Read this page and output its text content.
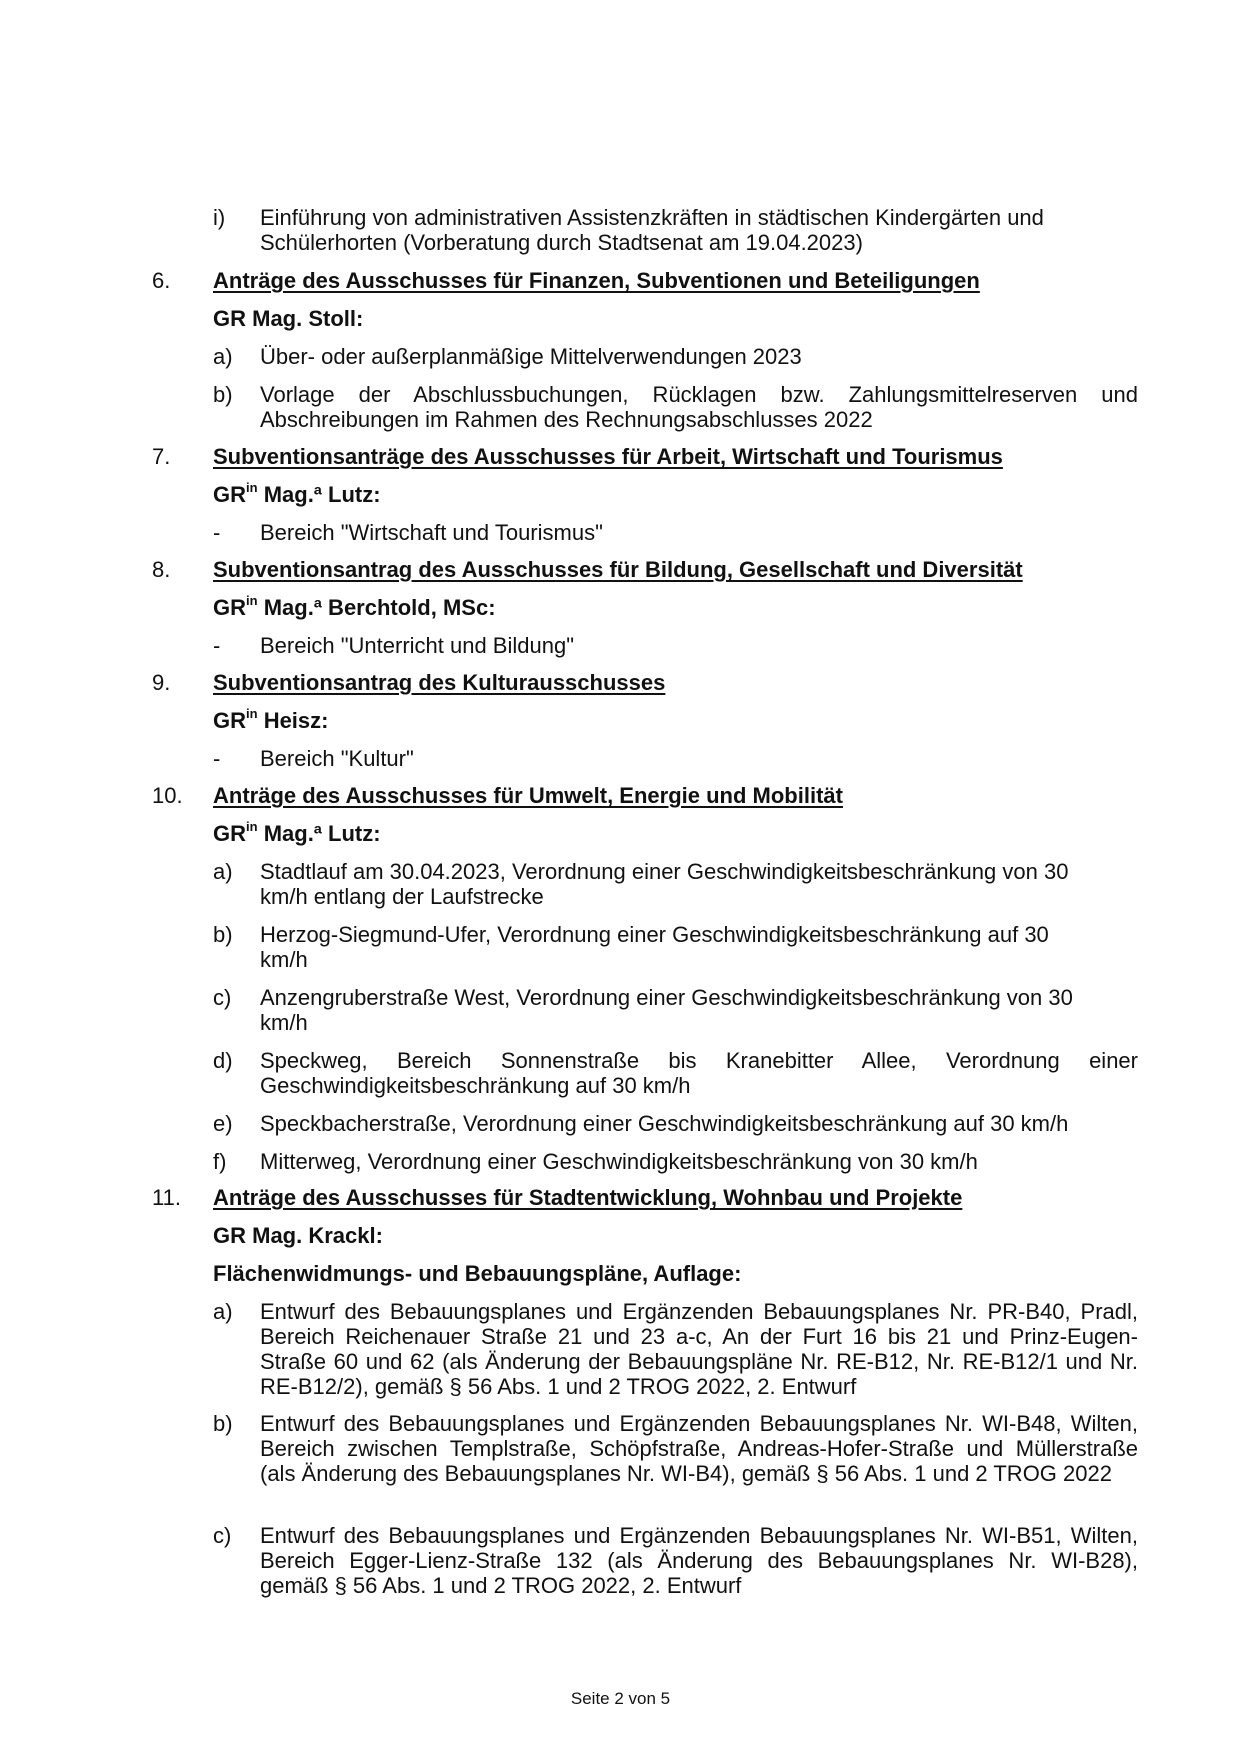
i) Einführung von administrativen Assistenzkräften in städtischen Kindergärten und Schülerhorten (Vorberatung durch Stadtsenat am 19.04.2023)
6. Anträge des Ausschusses für Finanzen, Subventionen und Beteiligungen
GR Mag. Stoll:
a) Über- oder außerplanmäßige Mittelverwendungen 2023
b) Vorlage der Abschlussbuchungen, Rücklagen bzw. Zahlungsmittelreserven und Abschreibungen im Rahmen des Rechnungsabschlusses 2022
7. Subventionsanträge des Ausschusses für Arbeit, Wirtschaft und Tourismus
$GR^{in}$ Mag.ª Lutz:
- Bereich "Wirtschaft und Tourismus"
8. Subventionsantrag des Ausschusses für Bildung, Gesellschaft und Diversität
$GR^{in}$ Mag.ª Berchtold, MSc:
- Bereich "Unterricht und Bildung"
9. Subventionsantrag des Kulturausschusses
$GR^{in}$ Heisz:
- Bereich "Kultur"
10. Anträge des Ausschusses für Umwelt, Energie und Mobilität
$GR^{in}$ Mag.ª Lutz:
a) Stadtlauf am 30.04.2023, Verordnung einer Geschwindigkeitsbeschränkung von 30 km/h entlang der Laufstrecke
b) Herzog-Siegmund-Ufer, Verordnung einer Geschwindigkeitsbeschränkung auf 30 km/h
c) Anzengruberstraße West, Verordnung einer Geschwindigkeitsbeschränkung von 30 km/h
d) Speckweg, Bereich Sonnenstraße bis Kranebitter Allee, Verordnung einer Geschwindigkeitsbeschränkung auf 30 km/h
e) Speckbacherstraße, Verordnung einer Geschwindigkeitsbeschränkung auf 30 km/h
f) Mitterweg, Verordnung einer Geschwindigkeitsbeschränkung von 30 km/h
11. Anträge des Ausschusses für Stadtentwicklung, Wohnbau und Projekte
GR Mag. Krackl:
Flächenwidmungs- und Bebauungspläne, Auflage:
a) Entwurf des Bebauungsplanes und Ergänzenden Bebauungsplanes Nr. PR-B40, Pradl, Bereich Reichenauer Straße 21 und 23 a-c, An der Furt 16 bis 21 und Prinz-Eugen-Straße 60 und 62 (als Änderung der Bebauungspläne Nr. RE-B12, Nr. RE-B12/1 und Nr. RE-B12/2), gemäß § 56 Abs. 1 und 2 TROG 2022, 2. Entwurf
b) Entwurf des Bebauungsplanes und Ergänzenden Bebauungsplanes Nr. WI-B48, Wilten, Bereich zwischen Templstraße, Schöpfstraße, Andreas-Hofer-Straße und Müllerstraße (als Änderung des Bebauungsplanes Nr. WI-B4), gemäß § 56 Abs. 1 und 2 TROG 2022
c) Entwurf des Bebauungsplanes und Ergänzenden Bebauungsplanes Nr. WI-B51, Wilten, Bereich Egger-Lienz-Straße 132 (als Änderung des Bebauungsplanes Nr. WI-B28), gemäß § 56 Abs. 1 und 2 TROG 2022, 2. Entwurf
Seite 2 von 5
